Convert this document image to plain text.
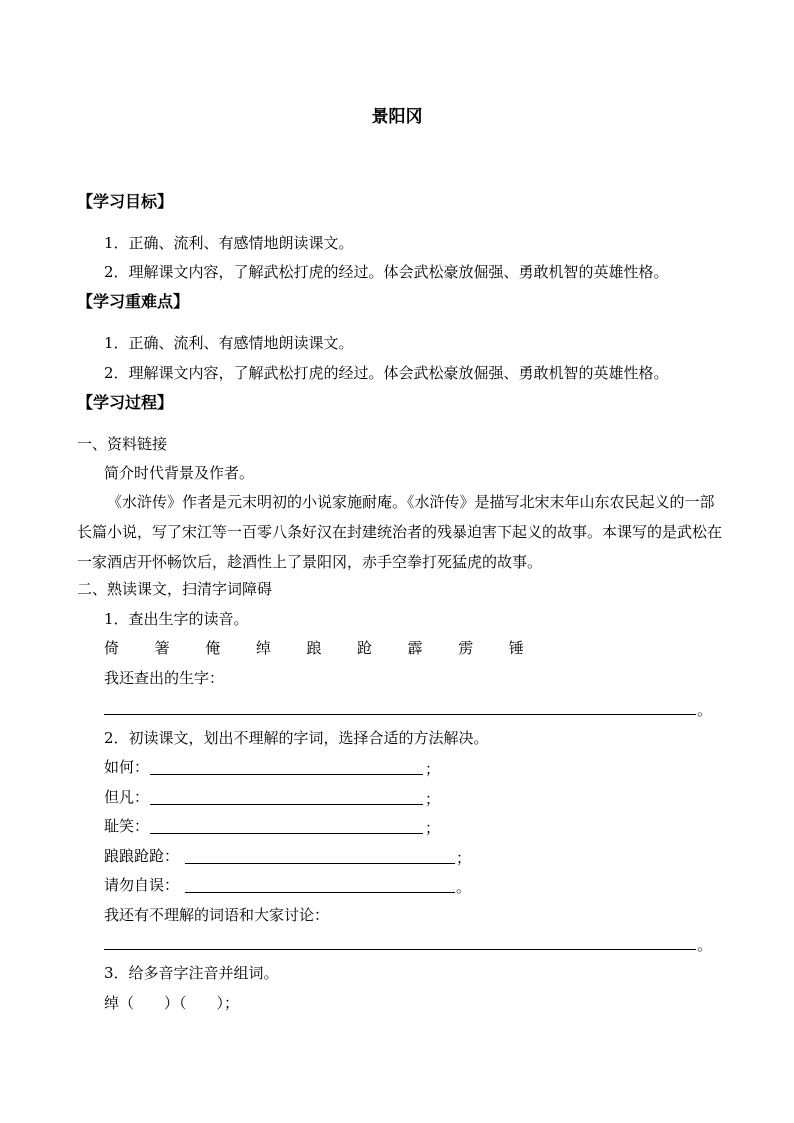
景阳冈
【学习目标】
1．正确、流利、有感情地朗读课文。
2．理解课文内容，了解武松打虎的经过。体会武松豪放倔强、勇敢机智的英雄性格。
【学习重难点】
1．正确、流利、有感情地朗读课文。
2．理解课文内容，了解武松打虎的经过。体会武松豪放倔强、勇敢机智的英雄性格。
【学习过程】
一、资料链接
简介时代背景及作者。
《水浒传》作者是元末明初的小说家施耐庵。《水浒传》是描写北宋末年山东农民起义的一部长篇小说，写了宋江等一百零八条好汉在封建统治者的残暴迫害下起义的故事。本课写的是武松在一家酒店开怀畅饮后，趁酒性上了景阳冈，赤手空拳打死猛虎的故事。
二、熟读课文，扫清字词障碍
1．查出生字的读音。
倚 箸 俺 绰 踉 跄 霹 雳 锤
我还查出的生字：
。
2．初读课文，划出不理解的字词，选择合适的方法解决。
如何：	；
但凡：	；
耻笑：	；
踉踉跄跄：	；
请勿自误：	。
我还有不理解的词语和大家讨论：
。
3．给多音字注音并组词。
绰（　　）（　　）；
